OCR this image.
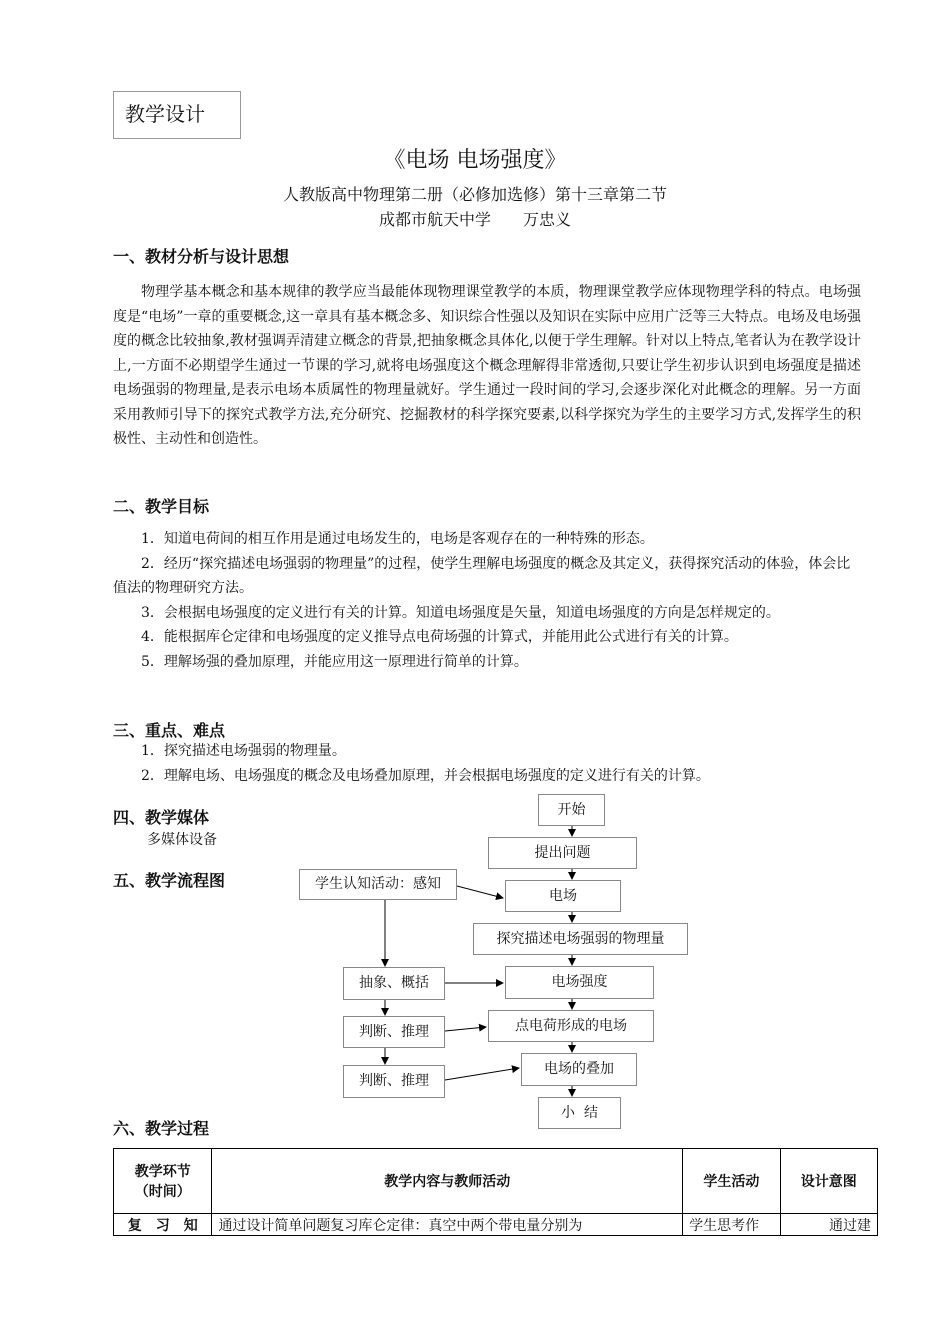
教学设计
《电场 电场强度》
人教版高中物理第二册（必修加选修）第十三章第二节
成都市航天中学　　万忠义
一、教材分析与设计思想

物理学基本概念和基本规律的教学应当最能体现物理课堂教学的本质，物理课堂教学应体现物理学科的特点。电场强度是“电场”一章的重要概念,这一章具有基本概念多、知识综合性强以及知识在实际中应用广泛等三大特点。电场及电场强度的概念比较抽象,教材强调弄清建立概念的背景,把抽象概念具体化,以便于学生理解。针对以上特点,笔者认为在教学设计上,一方面不必期望学生通过一节课的学习,就将电场强度这个概念理解得非常透彻,只要让学生初步认识到电场强度是描述电场强弱的物理量,是表示电场本质属性的物理量就好。学生通过一段时间的学习,会逐步深化对此概念的理解。另一方面采用教师引导下的探究式教学方法,充分研究、挖掘教材的科学探究要素,以科学探究为学生的主要学习方式,发挥学生的积极性、主动性和创造性。

二、教学目标
1．知道电荷间的相互作用是通过电场发生的，电场是客观存在的一种特殊的形态。
2．经历“探究描述电场强弱的物理量”的过程，使学生理解电场强度的概念及其定义，获得探究活动的体验，体会比值法的物理研究方法。
3．会根据电场强度的定义进行有关的计算。知道电场强度是矢量，知道电场强度的方向是怎样规定的。
4．能根据库仑定律和电场强度的定义推导点电荷场强的计算式，并能用此公式进行有关的计算。
5．理解场强的叠加原理，并能应用这一原理进行简单的计算。
三、重点、难点
1．探究描述电场强弱的物理量。
2．理解电场、电场强度的概念及电场叠加原理，并会根据电场强度的定义进行有关的计算。
四、教学媒体
多媒体设备
五、教学流程图
开始
提出问题
电场
探究描述电场强弱的物理量
电场强度
点电荷形成的电场
电场的叠加
小  结
学生认知活动：感知
抽象、概括
判断、推理
判断、推理
六、教学过程
教学环节
（时间）	教学内容与教师活动	学生活动	设计意图
复　习　知	通过设计简单问题复习库仑定律：真空中两个带电量分别为	学生思考作	通过建
